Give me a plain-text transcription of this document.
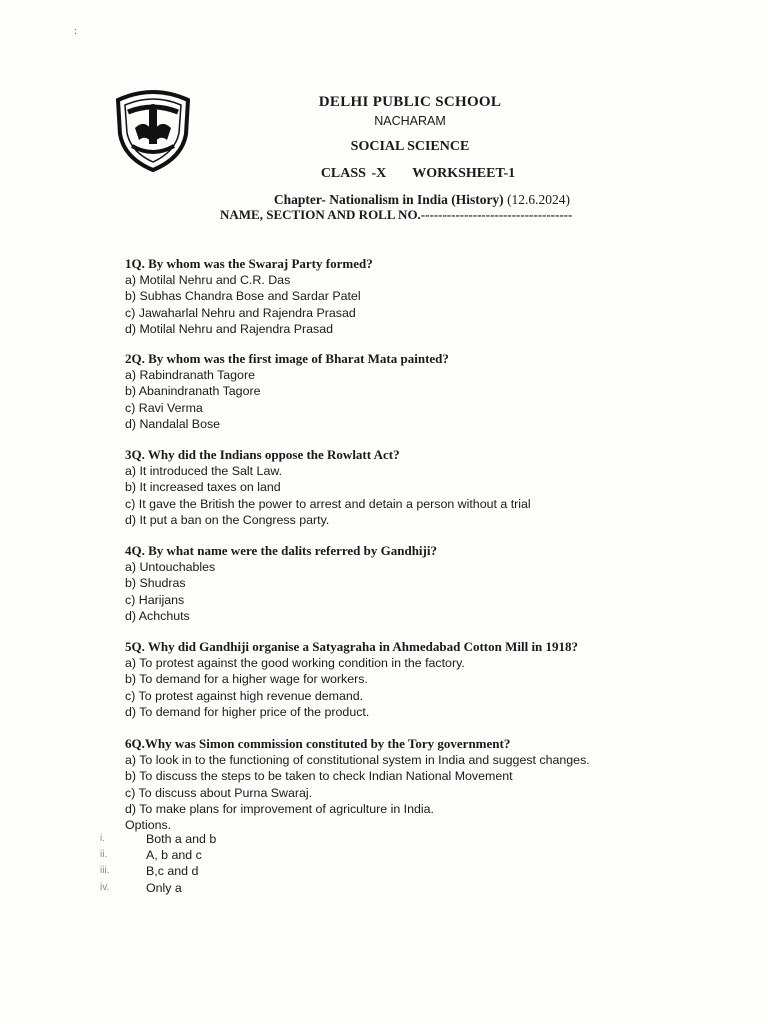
:
DELHI PUBLIC SCHOOL
NACHARAM
SOCIAL SCIENCE
CLASS -X WORKSHEET-1
Chapter- Nationalism in India (History) (12.6.2024)
NAME, SECTION AND ROLL NO.-----------------------------------
1Q. By whom was the Swaraj Party formed?
a) Motilal Nehru and C.R. Das
b) Subhas Chandra Bose and Sardar Patel
c) Jawaharlal Nehru and Rajendra Prasad
d) Motilal Nehru and Rajendra Prasad
2Q. By whom was the first image of Bharat Mata painted?
a) Rabindranath Tagore
b) Abanindranath Tagore
c) Ravi Verma
d) Nandalal Bose
3Q. Why did the Indians oppose the Rowlatt Act?
a) It introduced the Salt Law.
b) It increased taxes on land
c) It gave the British the power to arrest and detain a person without a trial
d) It put a ban on the Congress party.
4Q. By what name were the dalits referred by Gandhiji?
a) Untouchables
b) Shudras
c) Harijans
d) Achchuts
5Q. Why did Gandhiji organise a Satyagraha in Ahmedabad Cotton Mill in 1918?
a) To protest against the good working condition in the factory.
b) To demand for a higher wage for workers.
c) To protest against high revenue demand.
d) To demand for higher price of the product.
6Q.Why was Simon commission constituted by the Tory government?
a) To look in to the functioning of constitutional system in India and suggest changes.
b) To discuss the steps to be taken to check Indian National Movement
c) To discuss about Purna Swaraj.
d) To make plans for improvement of agriculture in India.
Options.
i.	Both a and b
ii.	A, b and c
iii.	B,c and d
iv.	Only a
